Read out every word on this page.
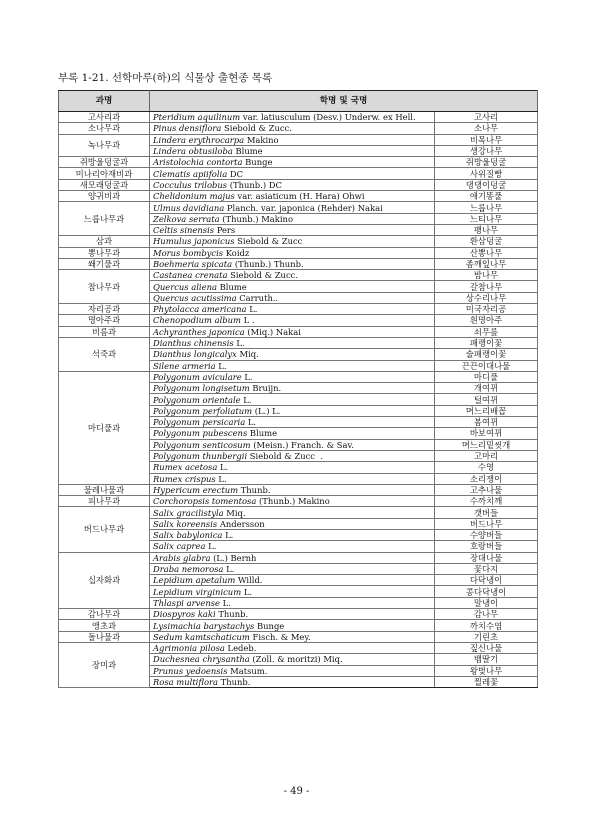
부록 1-21. 선학마루(하)의 식물상 출현종 목록
과명	학명 및 국명	
고사리과	Pteridium aquilinum var. latiusculum (Desv.) Underw. ex Hell.	고사리
소나무과	Pinus densiflora Siebold & Zucc.	소나무
녹나무과	Lindera erythrocarpa Makino	비목나무
	Lindera obtusiloba Blume	생강나무
쥐방울덩굴과	Aristolochia contorta Bunge	쥐방울덩굴
미나리아재비과	Clematis apiifolia DC	사위질빵
새모래덩굴과	Cocculus trilobus (Thunb.) DC	댕댕이덩굴
양귀비과	Chelidonium majus var. asiaticum (H. Hara) Ohwi	애기똥풀
느릅나무과	Ulmus davidiana Planch. var. japonica (Rehder) Nakai	느릅나무
	Zelkova serrata (Thunb.) Makino	느티나무
	Celtis sinensis Pers	팽나무
삼과	Humulus japonicus Siebold & Zucc	환삼덩굴
뽕나무과	Morus bombycis Koidz	산뽕나무
쐐기풀과	Boehmeria spicata (Thunb.) Thunb.	좀깨잎나무
참나무과	Castanea crenata Siebold & Zucc.	밤나무
	Quercus aliena Blume	갈참나무
	Quercus acutissima Carruth..	상수리나무
자리공과	Phytolacca americana L.	미국자리공
명아주과	Chenopodium album L .	흰명아주
비름과	Achyranthes japonica (Miq.) Nakai	쇠무릎
석죽과	Dianthus chinensis L.	패랭이꽃
	Dianthus longicalyx Miq.	술패랭이꽃
	Silene armeria L.	끈끈이대나물
마디풀과	Polygonum aviculare L.	마디풀
	Polygonum longisetum Bruijn.	개여뀌
	Polygonum orientale L.	털여뀌
	Polygonum perfoliatum (L.) L.	며느리배꼽
	Polygonum persicaria L.	봄여뀌
	Polygonum pubescens Blume	바보여뀌
	Polygonum senticosum (Meisn.) Franch. & Sav.	며느리밑씻개
	Polygonum thunbergii Siebold & Zucc  .	고마리
	Rumex acetosa L.	수영
	Rumex crispus L.	소리쟁이
물레나물과	Hypericum erectum Thunb.	고추나물
피나무과	Corchoropsis tomentosa (Thunb.) Makino	수까치깨
버드나무과	Salix gracilistyla Miq.	갯버들
	Salix koreensis Andersson	버드나무
	Salix babylonica L.	수양버들
	Salix caprea L.	호랑버들
십자화과	Arabis glabra (L.) Bernh	장대나물
	Draba nemorosa L.	꽃다지
	Lepidium apetalum Willd.	다닥냉이
	Lepidium virginicum L.	콩다닥냉이
	Thlaspi arvense L.	말냉이
감나무과	Diospyros kaki Thunb.	감나무
앵초과	Lysimachia barystachys Bunge	까치수염
돌나물과	Sedum kamtschaticum Fisch. & Mey.	기린초
장미과	Agrimonia pilosa Ledeb.	짚신나물
	Duchesnea chrysantha (Zoll. & moritzi) Miq.	뱀딸기
	Prunus yedoensis Matsum.	왕벚나무
	Rosa multiflora Thunb.	찔레꽃
- 49 -
